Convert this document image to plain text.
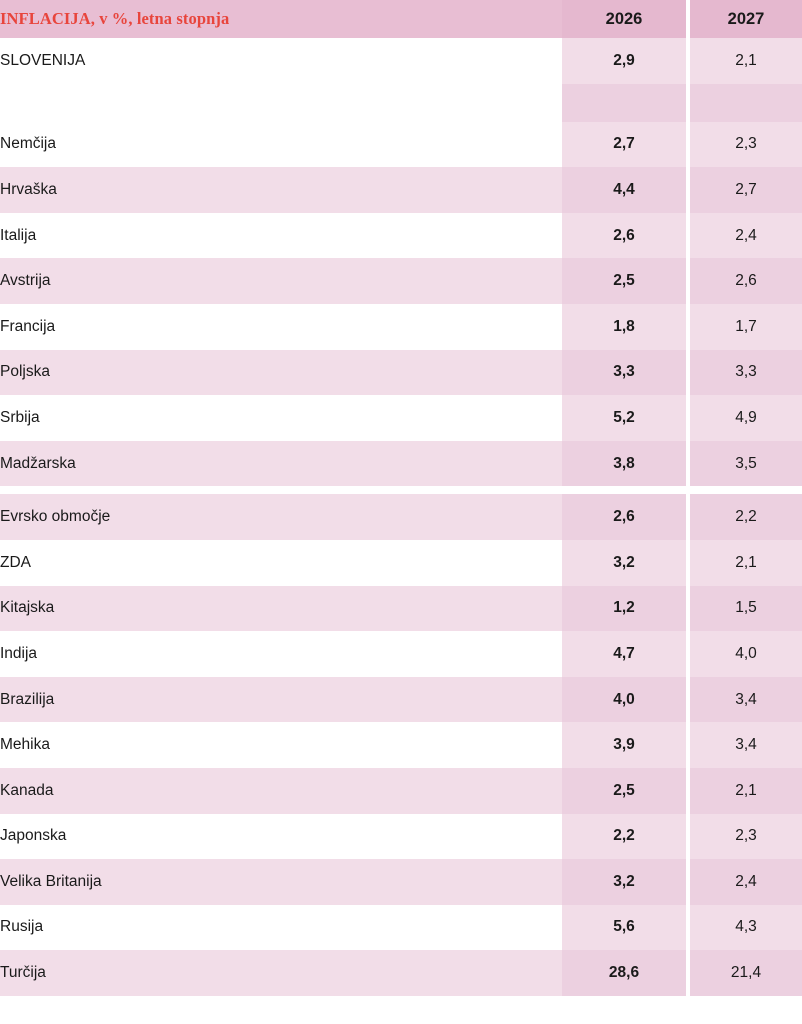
INFLACIJA, v %, letna stopnja	2026		2027
SLOVENIJA	2,9		2,1

Nemčija	2,7		2,3
Hrvaška	4,4		2,7
Italija	2,6		2,4
Avstrija	2,5		2,6
Francija	1,8		1,7
Poljska	3,3		3,3
Srbija	5,2		4,9
Madžarska	3,8		3,5

Evrsko območje	2,6		2,2
ZDA	3,2		2,1
Kitajska	1,2		1,5
Indija	4,7		4,0
Brazilija	4,0		3,4
Mehika	3,9		3,4
Kanada	2,5		2,1
Japonska	2,2		2,3
Velika Britanija	3,2		2,4
Rusija	5,6		4,3
Turčija	28,6		21,4
